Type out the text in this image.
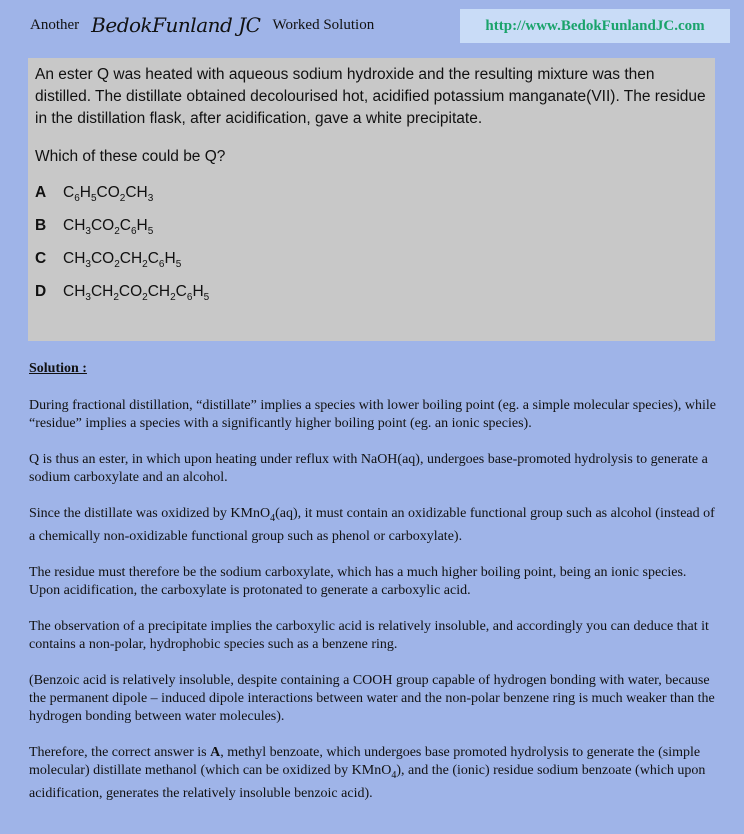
Another BedokFunland JC Worked Solution	http://www.BedokFunlandJC.com

An ester Q was heated with aqueous sodium hydroxide and the resulting mixture was then distilled. The distillate obtained decolourised hot, acidified potassium manganate(VII). The residue in the distillation flask, after acidification, gave a white precipitate.

Which of these could be Q?

A	$C_6H_5CO_2CH_3$
B	$CH_3CO_2C_6H_5$
C	$CH_3CO_2CH_2C_6H_5$
D	$CH_3CH_2CO_2CH_2C_6H_5$

Solution :

During fractional distillation, “distillate” implies a species with lower boiling point (eg. a simple molecular species), while “residue” implies a species with a significantly higher boiling point (eg. an ionic species).

Q is thus an ester, in which upon heating under reflux with NaOH(aq), undergoes base-promoted hydrolysis to generate a sodium carboxylate and an alcohol.

Since the distillate was oxidized by KMnO$_4$(aq), it must contain an oxidizable functional group such as alcohol (instead of a chemically non-oxidizable functional group such as phenol or carboxylate).

The residue must therefore be the sodium carboxylate, which has a much higher boiling point, being an ionic species. Upon acidification, the carboxylate is protonated to generate a carboxylic acid.

The observation of a precipitate implies the carboxylic acid is relatively insoluble, and accordingly you can deduce that it contains a non-polar, hydrophobic species such as a benzene ring.

(Benzoic acid is relatively insoluble, despite containing a COOH group capable of hydrogen bonding with water, because the permanent dipole – induced dipole interactions between water and the non-polar benzene ring is much weaker than the hydrogen bonding between water molecules).

Therefore, the correct answer is A, methyl benzoate, which undergoes base promoted hydrolysis to generate the (simple molecular) distillate methanol (which can be oxidized by KMnO$_4$), and the (ionic) residue sodium benzoate (which upon acidification, generates the relatively insoluble benzoic acid).
